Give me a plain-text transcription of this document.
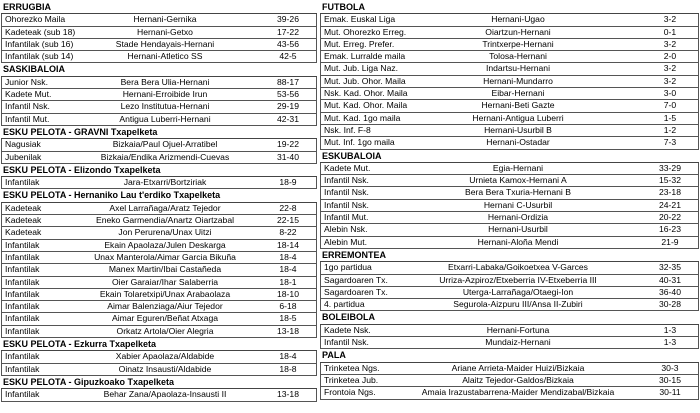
ERRUGBIA
Ohorezko Maila	Hernani-Gernika	39-26
Kadeteak (sub 18)	Hernani-Getxo	17-22
Infantilak (sub 16)	Stade Hendayais-Hernani	43-56
Infantilak (sub 14)	Hernani-Atletico SS	42-5
SASKIBALOIA
Junior Nsk.	Bera Bera Ulia-Hernani	88-17
Kadete Mut.	Hernani-Erroibide Irun	53-56
Infantil Nsk.	Lezo Institutua-Hernani	29-19
Infantil Mut.	Antigua Luberri-Hernani	42-31
ESKU PELOTA - GRAVNI Txapelketa
Nagusiak	Bizkaia/Paul Ojuel-Arratibel	19-22
Jubenilak	Bizkaia/Endika Arizmendi-Cuevas	31-40
ESKU PELOTA - Elizondo Txapelketa
Infantilak	Jara-Etxarri/Bortziriak	18-9
ESKU PELOTA - Hernaniko Lau t'erdiko Txapelketa
Kadeteak	Axel Larrañaga/Aratz Tejedor	22-8
Kadeteak	Eneko Garmendia/Anartz Oiartzabal	22-15
Kadeteak	Jon Perurena/Unax Uitzi	8-22
Infantilak	Ekain Apaolaza/Julen Deskarga	18-14
Infantilak	Unax Manterola/Aimar Garcia Bikuña	18-4
Infantilak	Manex Martin/Ibai Castañeda	18-4
Infantilak	Oier Garaiar/Ihar Salaberria	18-1
Infantilak	Ekain Tolaretxipi/Unax Arabaolaza	18-10
Infantilak	Aimar Balenziaga/Aiur Tejedor	6-18
Infantilak	Aimar Eguren/Beñat Atxaga	18-5
Infantilak	Orkatz Artola/Oier Alegria	13-18
ESKU PELOTA - Ezkurra Txapelketa
Infantilak	Xabier Apaolaza/Aldabide	18-4
Infantilak	Oinatz Insausti/Aldabide	18-8
ESKU PELOTA - Gipuzkoako Txapelketa
Infantilak	Behar Zana/Apaolaza-Insausti II	13-18
FUTBOLA
Emak. Euskal Liga	Hernani-Ugao	3-2
Mut. Ohorezko Erreg.	Oiartzun-Hernani	0-1
Mut. Erreg. Prefer.	Trintxerpe-Hernani	3-2
Emak. Lurralde maila	Tolosa-Hernani	2-0
Mut. Jub. Liga Naz.	Indartsu-Hernani	3-2
Mut. Jub. Ohor. Maila	Hernani-Mundarro	3-2
Nsk. Kad. Ohor. Maila	Eibar-Hernani	3-0
Mut. Kad. Ohor. Maila	Hernani-Beti Gazte	7-0
Mut. Kad. 1go maila	Hernani-Antigua Luberri	1-5
Nsk. Inf. F-8	Hernani-Usurbil B	1-2
Mut. Inf. 1go maila	Hernani-Ostadar	7-3
ESKUBALOIA
Kadete Mut.	Egia-Hernani	33-29
Infantil Nsk.	Urnieta Kamox-Hernani A	15-32
Infantil Nsk.	Bera Bera Txuria-Hernani B	23-18
Infantil Nsk.	Hernani C-Usurbil	24-21
Infantil Mut.	Hernani-Ordizia	20-22
Alebin Nsk.	Hernani-Usurbil	16-23
Alebin Mut.	Hernani-Aloña Mendi	21-9
ERREMONTEA
1go partidua	Etxarri-Labaka/Goikoetxea V-Garces	32-35
Sagardoaren Tx.	Urriza-Azpiroz/Etxeberria IV-Etxeberria III	40-31
Sagardoaren Tx.	Uterga-Larrañaga/Otaegi-Ion	36-40
4. partidua	Segurola-Aizpuru III/Ansa II-Zubiri	30-28
BOLEIBOLA
Kadete Nsk.	Hernani-Fortuna	1-3
Infantil Nsk.	Mundaiz-Hernani	1-3
PALA
Trinketea Ngs.	Ariane Arrieta-Maider Huizi/Bizkaia	30-3
Trinketea Jub.	Alaitz Tejedor-Galdos/Bizkaia	30-15
Frontoia Ngs.	Amaia Irazustabarrena-Maider Mendizabal/Bizkaia	30-11
